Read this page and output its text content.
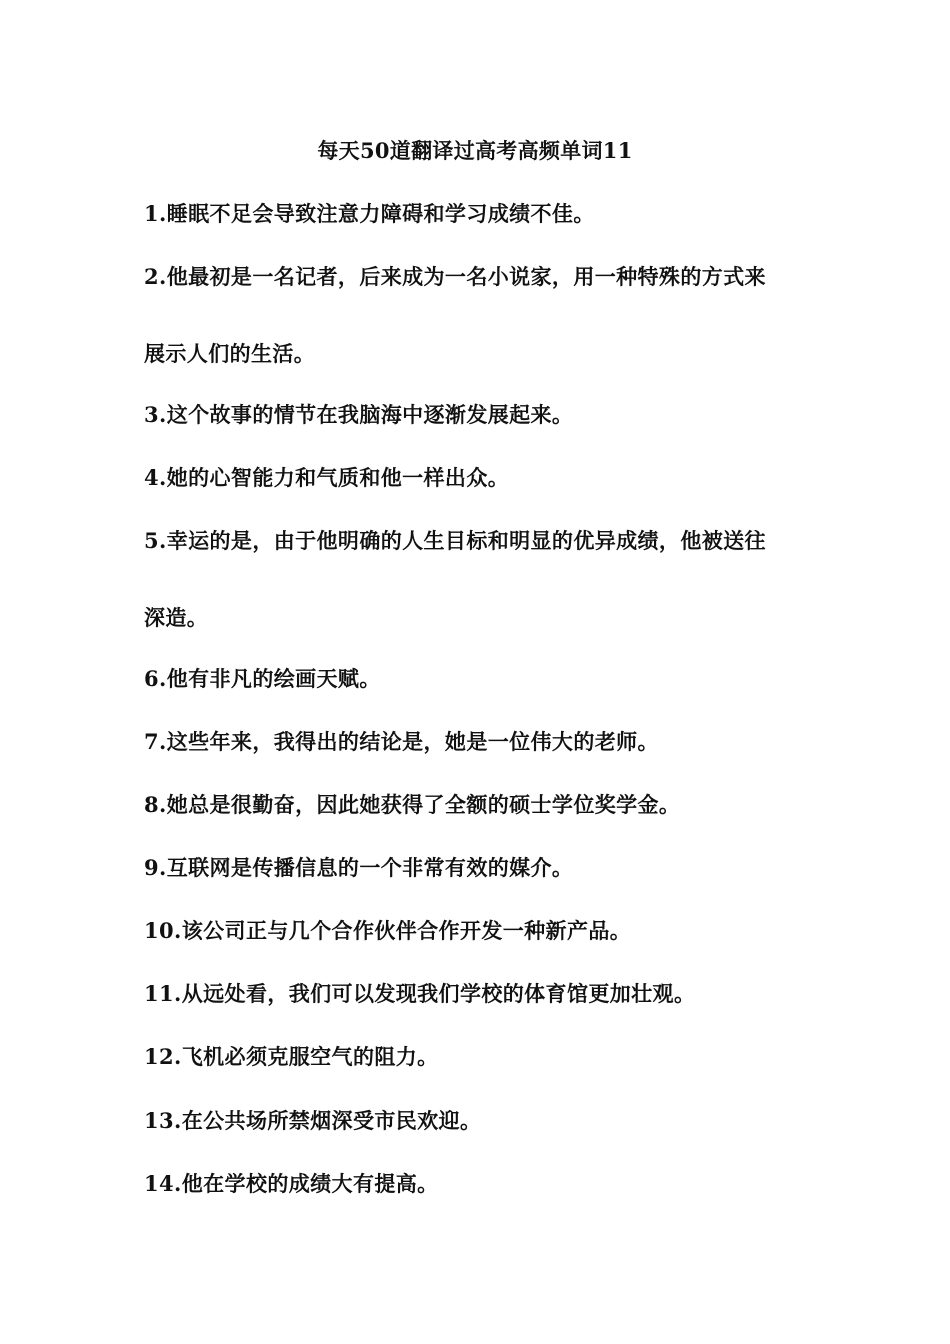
每天50道翻译过高考高频单词11
1.睡眠不足会导致注意力障碍和学习成绩不佳。
2.他最初是一名记者，后来成为一名小说家，用一种特殊的方式来
展示人们的生活。
3.这个故事的情节在我脑海中逐渐发展起来。
4.她的心智能力和气质和他一样出众。
5.幸运的是，由于他明确的人生目标和明显的优异成绩，他被送往
深造。
6.他有非凡的绘画天赋。
7.这些年来，我得出的结论是，她是一位伟大的老师。
8.她总是很勤奋，因此她获得了全额的硕士学位奖学金。
9.互联网是传播信息的一个非常有效的媒介。
10.该公司正与几个合作伙伴合作开发一种新产品。
11.从远处看，我们可以发现我们学校的体育馆更加壮观。
12.飞机必须克服空气的阻力。
13.在公共场所禁烟深受市民欢迎。
14.他在学校的成绩大有提高。
